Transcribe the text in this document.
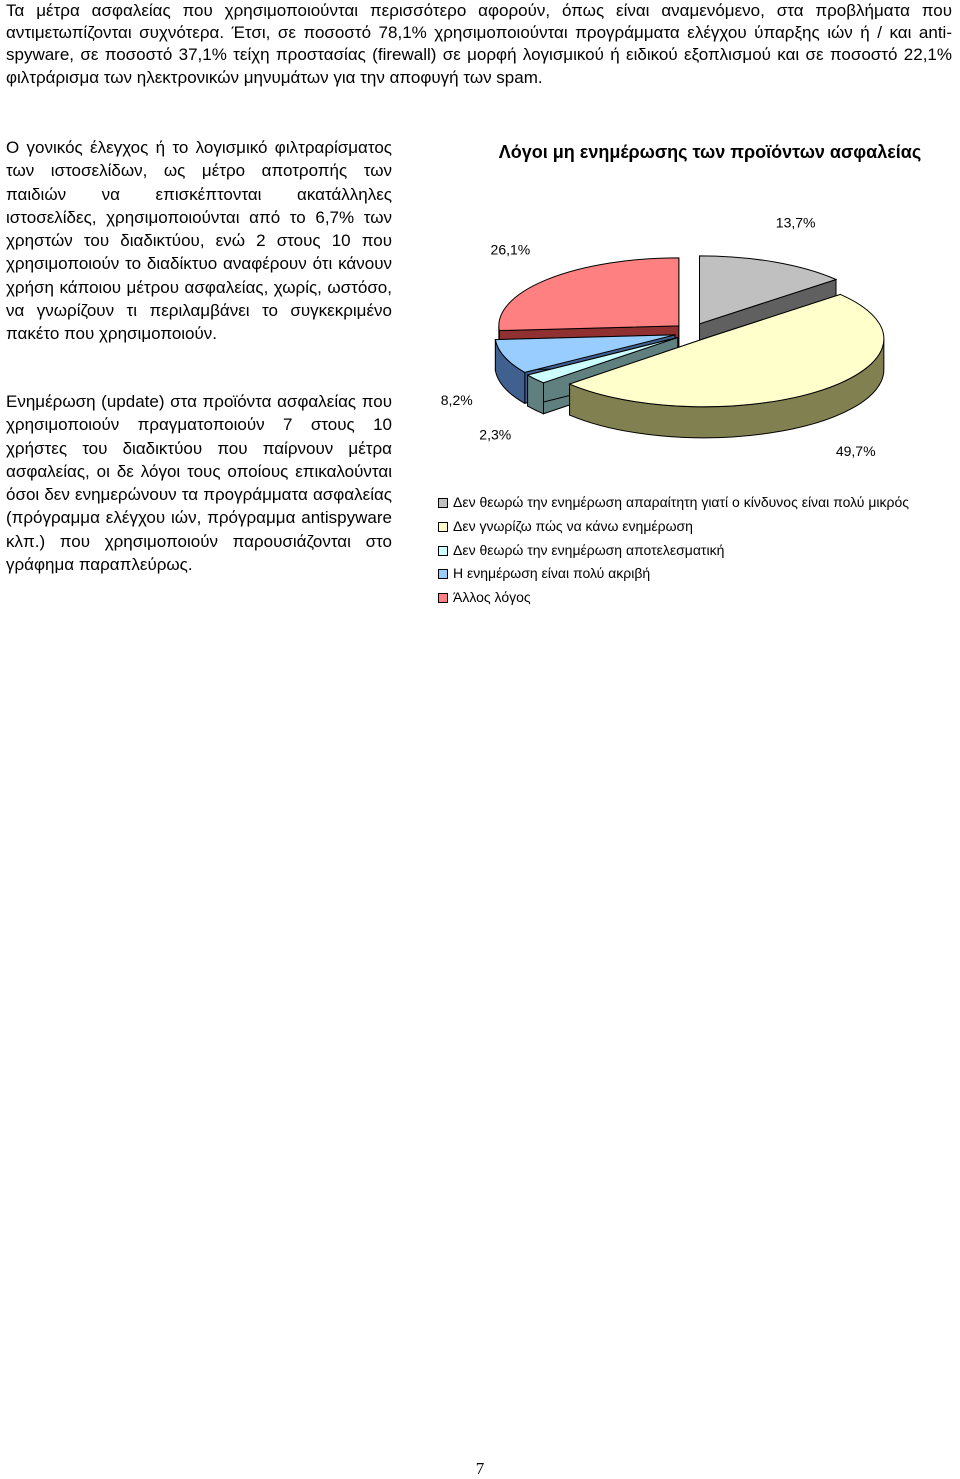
Τα μέτρα ασφαλείας που χρησιμοποιούνται περισσότερο αφορούν, όπως είναι αναμενόμενο, στα προβλήματα που αντιμετωπίζονται συχνότερα. Έτσι, σε ποσοστό 78,1% χρησιμοποιούνται προγράμματα ελέγχου ύπαρξης ιών ή / και anti-spyware, σε ποσοστό 37,1% τείχη προστασίας (firewall) σε μορφή λογισμικού ή ειδικού εξοπλισμού και σε ποσοστό 22,1% φιλτράρισμα των ηλεκτρονικών μηνυμάτων για την αποφυγή των spam.

Ο γονικός έλεγχος ή το λογισμικό φιλτραρίσματος των ιστοσελίδων, ως μέτρο αποτροπής των παιδιών να επισκέπτονται ακατάλληλες ιστοσελίδες, χρησιμοποιούνται από το 6,7% των χρηστών του διαδικτύου, ενώ 2 στους 10 που χρησιμοποιούν το διαδίκτυο αναφέρουν ότι κάνουν χρήση κάποιου μέτρου ασφαλείας, χωρίς, ωστόσο, να γνωρίζουν τι περιλαμβάνει το συγκεκριμένο πακέτο που χρησιμοποιούν.

Ενημέρωση (update) στα προϊόντα ασφαλείας που χρησιμοποιούν πραγματοποιούν 7 στους 10 χρήστες του διαδικτύου που παίρνουν μέτρα ασφαλείας, οι δε λόγοι τους οποίους επικαλούνται όσοι δεν ενημερώνουν τα προγράμματα ασφαλείας (πρόγραμμα ελέγχου ιών, πρόγραμμα antispyware κλπ.) που χρησιμοποιούν παρουσιάζονται στο γράφημα παραπλεύρως.

Λόγοι μη ενημέρωσης των προϊόντων ασφαλείας
13,7%
49,7%
2,3%
8,2%
26,1%
Δεν θεωρώ την ενημέρωση απαραίτητη γιατί ο κίνδυνος είναι πολύ μικρός
Δεν γνωρίζω πώς να κάνω ενημέρωση
Δεν θεωρώ την ενημέρωση αποτελεσματική
Η ενημέρωση είναι πολύ ακριβή
Άλλος λόγος
7
